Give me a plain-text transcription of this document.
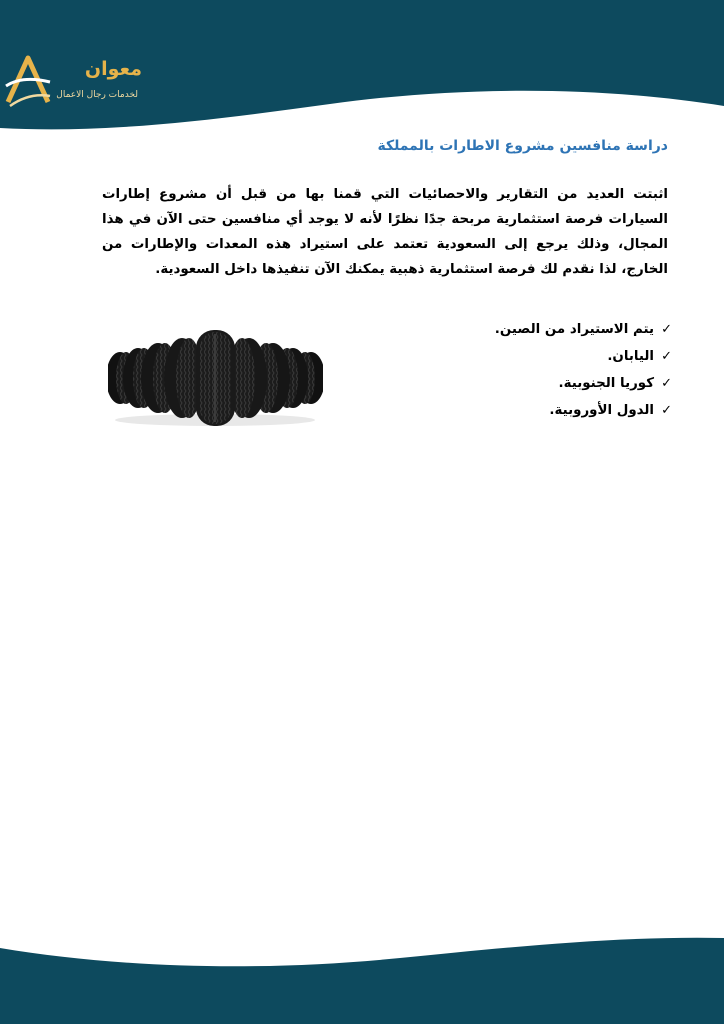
معوان
لخدمات رجال الاعمال
دراسة منافسين مشروع الاطارات بالمملكة

اثبتت العديد من التقارير والاحصائيات التي قمنا بها من قبل أن مشروع إطارات السيارات فرصة استثمارية مربحة جدًا نظرًا لأنه لا يوجد أي منافسين حتى الآن في هذا المجال، وذلك يرجع إلى السعودية تعتمد على استيراد هذه المعدات والإطارات من الخارج، لذا نقدم لك فرصة استثمارية ذهبية يمكنك الآن تنفيذها داخل السعودية.

✓يتم الاستيراد من الصين.
✓اليابان.
✓كوريا الجنوبية.
✓الدول الأوروبية.
